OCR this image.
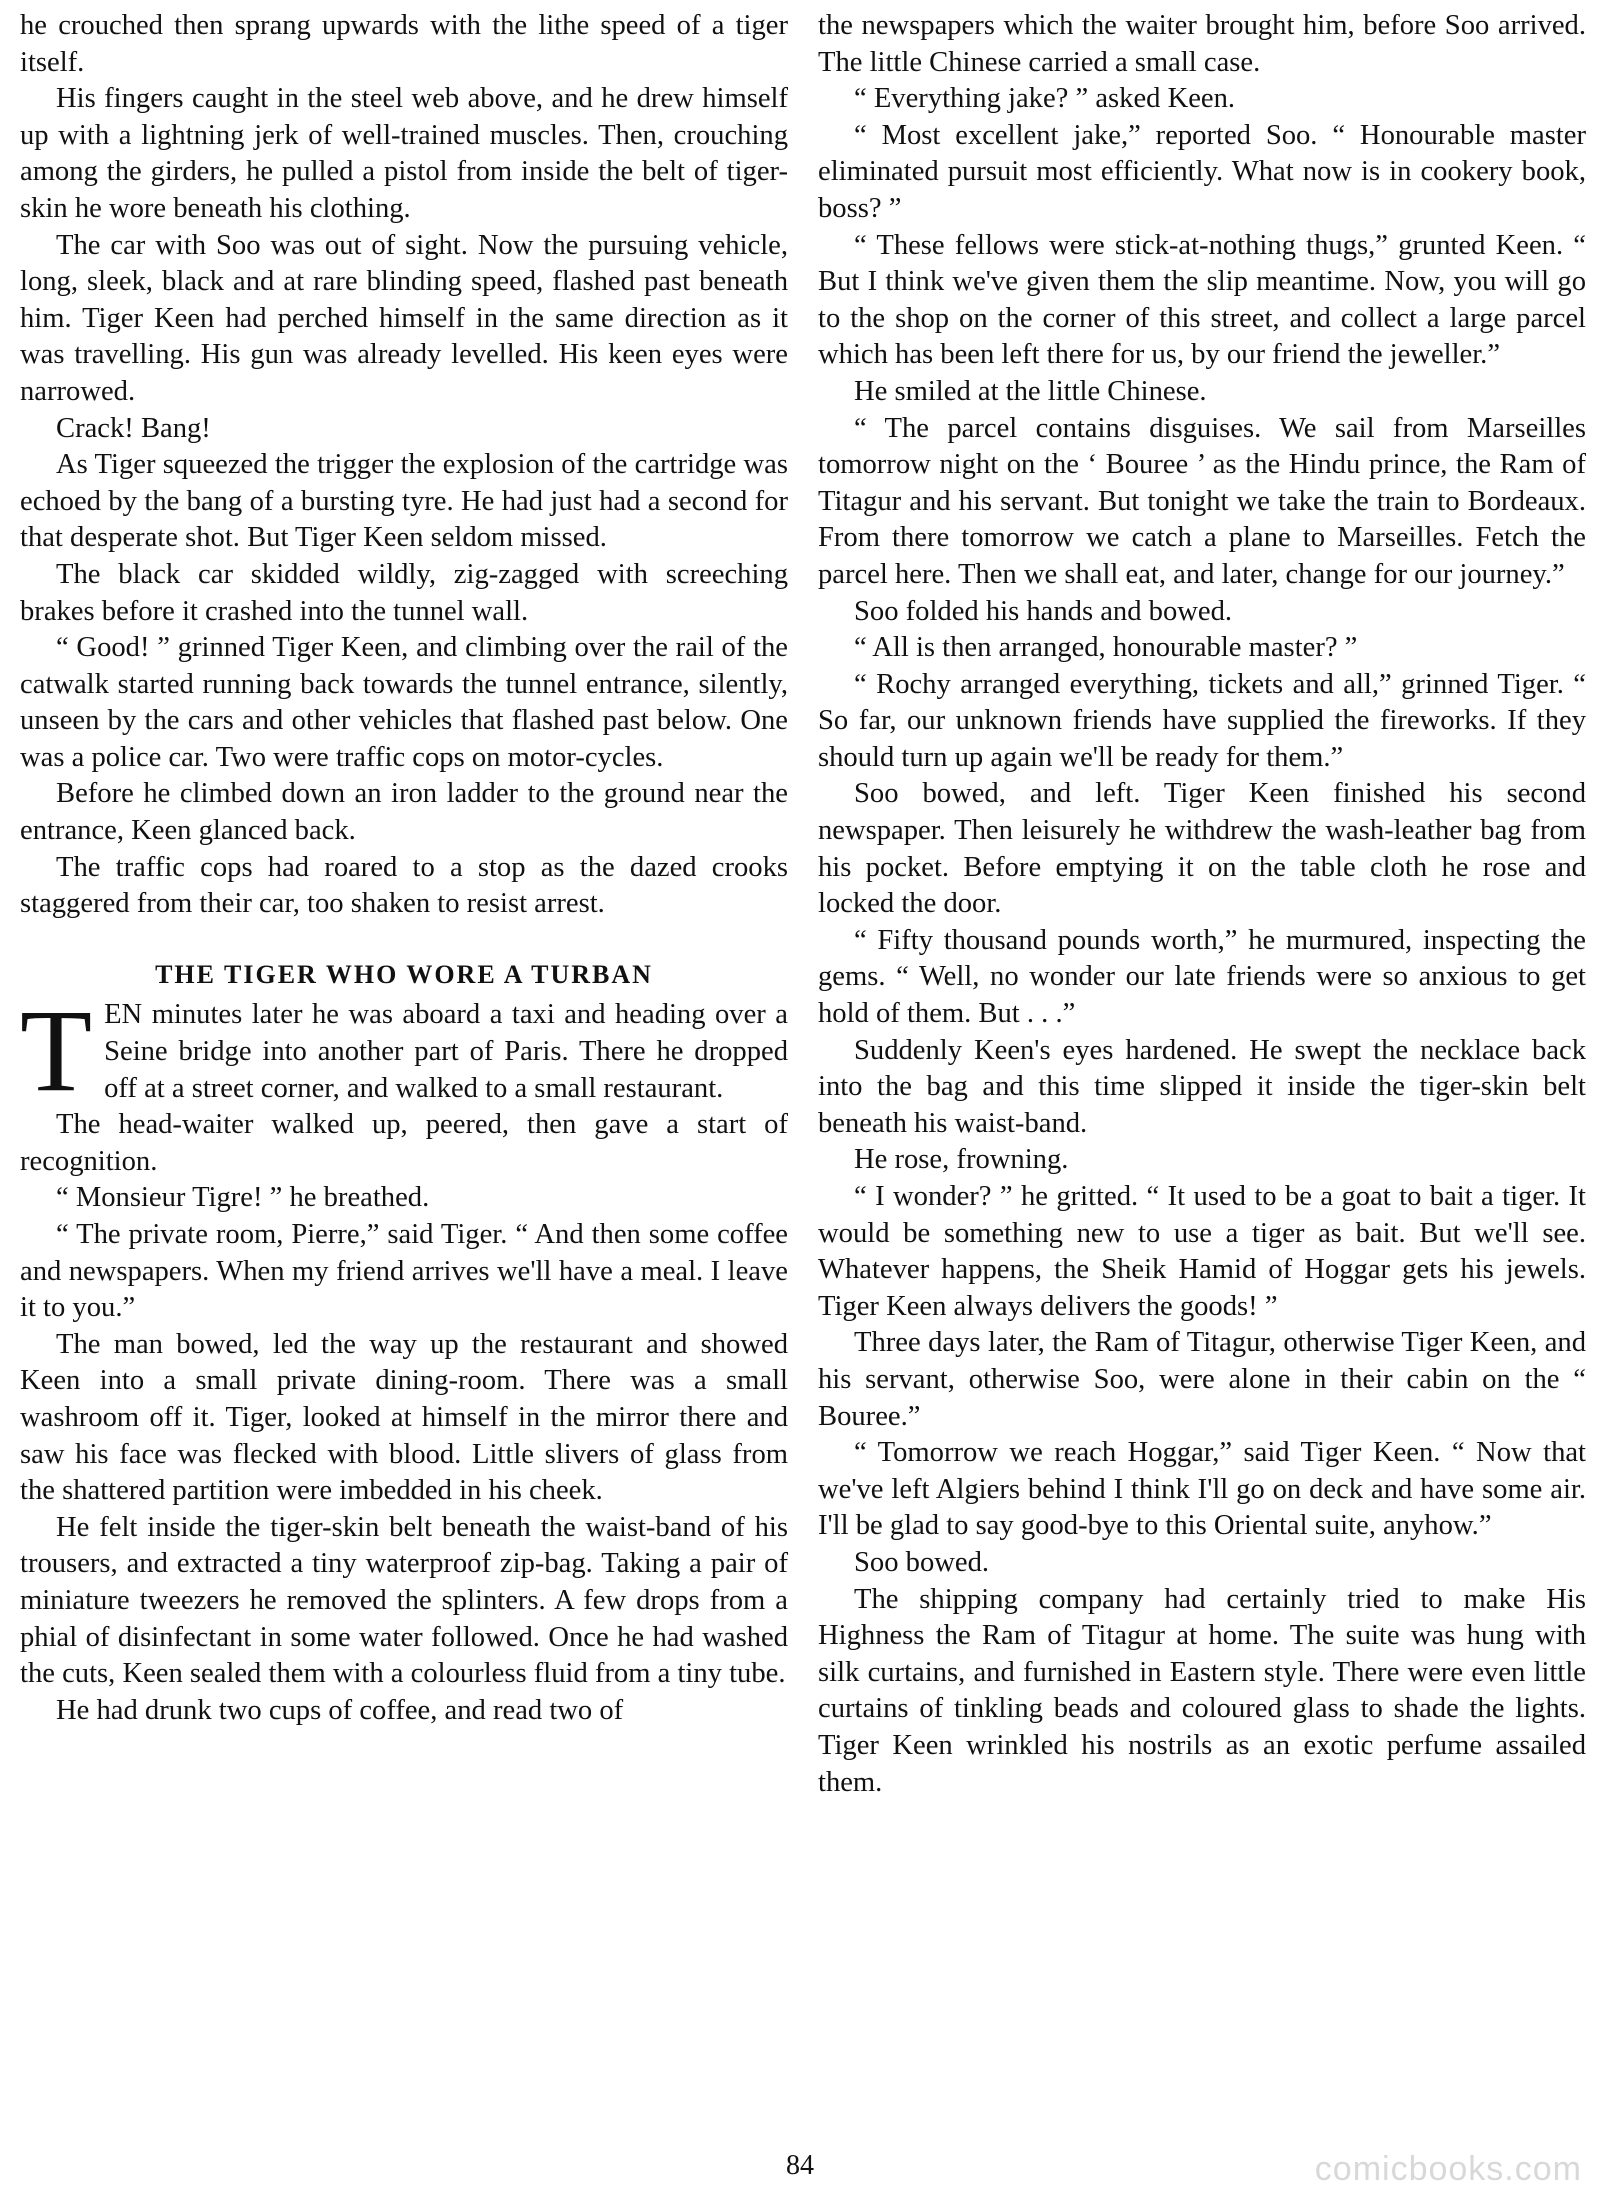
he crouched then sprang upwards with the lithe speed of a tiger itself.

His fingers caught in the steel web above, and he drew himself up with a lightning jerk of well-trained muscles. Then, crouching among the girders, he pulled a pistol from inside the belt of tiger-skin he wore beneath his clothing.

The car with Soo was out of sight. Now the pursuing vehicle, long, sleek, black and at rare blinding speed, flashed past beneath him. Tiger Keen had perched himself in the same direction as it was travelling. His gun was already levelled. His keen eyes were narrowed.

Crack! Bang!

As Tiger squeezed the trigger the explosion of the cartridge was echoed by the bang of a bursting tyre. He had just had a second for that desperate shot. But Tiger Keen seldom missed.

The black car skidded wildly, zig-zagged with screeching brakes before it crashed into the tunnel wall.

“ Good! ” grinned Tiger Keen, and climbing over the rail of the catwalk started running back towards the tunnel entrance, silently, unseen by the cars and other vehicles that flashed past below. One was a police car. Two were traffic cops on motor-cycles.

Before he climbed down an iron ladder to the ground near the entrance, Keen glanced back.

The traffic cops had roared to a stop as the dazed crooks staggered from their car, too shaken to resist arrest.

THE TIGER WHO WORE A TURBAN

TEN minutes later he was aboard a taxi and heading over a Seine bridge into another part of Paris. There he dropped off at a street corner, and walked to a small restaurant.

The head-waiter walked up, peered, then gave a start of recognition.

“ Monsieur Tigre! ” he breathed.

“ The private room, Pierre,” said Tiger. “ And then some coffee and newspapers. When my friend arrives we'll have a meal. I leave it to you.”

The man bowed, led the way up the restaurant and showed Keen into a small private dining-room. There was a small washroom off it. Tiger, looked at himself in the mirror there and saw his face was flecked with blood. Little slivers of glass from the shattered partition were imbedded in his cheek.

He felt inside the tiger-skin belt beneath the waist-band of his trousers, and extracted a tiny waterproof zip-bag. Taking a pair of miniature tweezers he removed the splinters. A few drops from a phial of disinfectant in some water followed. Once he had washed the cuts, Keen sealed them with a colourless fluid from a tiny tube.

He had drunk two cups of coffee, and read two of

the newspapers which the waiter brought him, before Soo arrived. The little Chinese carried a small case.

“ Everything jake? ” asked Keen.

“ Most excellent jake,” reported Soo. “ Honourable master eliminated pursuit most efficiently. What now is in cookery book, boss? ”

“ These fellows were stick-at-nothing thugs,” grunted Keen. “ But I think we've given them the slip meantime. Now, you will go to the shop on the corner of this street, and collect a large parcel which has been left there for us, by our friend the jeweller.”

He smiled at the little Chinese.

“ The parcel contains disguises. We sail from Marseilles tomorrow night on the ‘ Bouree ’ as the Hindu prince, the Ram of Titagur and his servant. But tonight we take the train to Bordeaux. From there tomorrow we catch a plane to Marseilles. Fetch the parcel here. Then we shall eat, and later, change for our journey.”

Soo folded his hands and bowed.

“ All is then arranged, honourable master? ”

“ Rochy arranged everything, tickets and all,” grinned Tiger. “ So far, our unknown friends have supplied the fireworks. If they should turn up again we'll be ready for them.”

Soo bowed, and left. Tiger Keen finished his second newspaper. Then leisurely he withdrew the wash-leather bag from his pocket. Before emptying it on the table cloth he rose and locked the door.

“ Fifty thousand pounds worth,” he murmured, inspecting the gems. “ Well, no wonder our late friends were so anxious to get hold of them. But . . .”

Suddenly Keen's eyes hardened. He swept the necklace back into the bag and this time slipped it inside the tiger-skin belt beneath his waist-band.

He rose, frowning.

“ I wonder? ” he gritted. “ It used to be a goat to bait a tiger. It would be something new to use a tiger as bait. But we'll see. Whatever happens, the Sheik Hamid of Hoggar gets his jewels. Tiger Keen always delivers the goods! ”

Three days later, the Ram of Titagur, otherwise Tiger Keen, and his servant, otherwise Soo, were alone in their cabin on the “ Bouree.”

“ Tomorrow we reach Hoggar,” said Tiger Keen. “ Now that we've left Algiers behind I think I'll go on deck and have some air. I'll be glad to say good-bye to this Oriental suite, anyhow.”

Soo bowed.

The shipping company had certainly tried to make His Highness the Ram of Titagur at home. The suite was hung with silk curtains, and furnished in Eastern style. There were even little curtains of tinkling beads and coloured glass to shade the lights. Tiger Keen wrinkled his nostrils as an exotic perfume assailed them.

84	comicbooks.com
